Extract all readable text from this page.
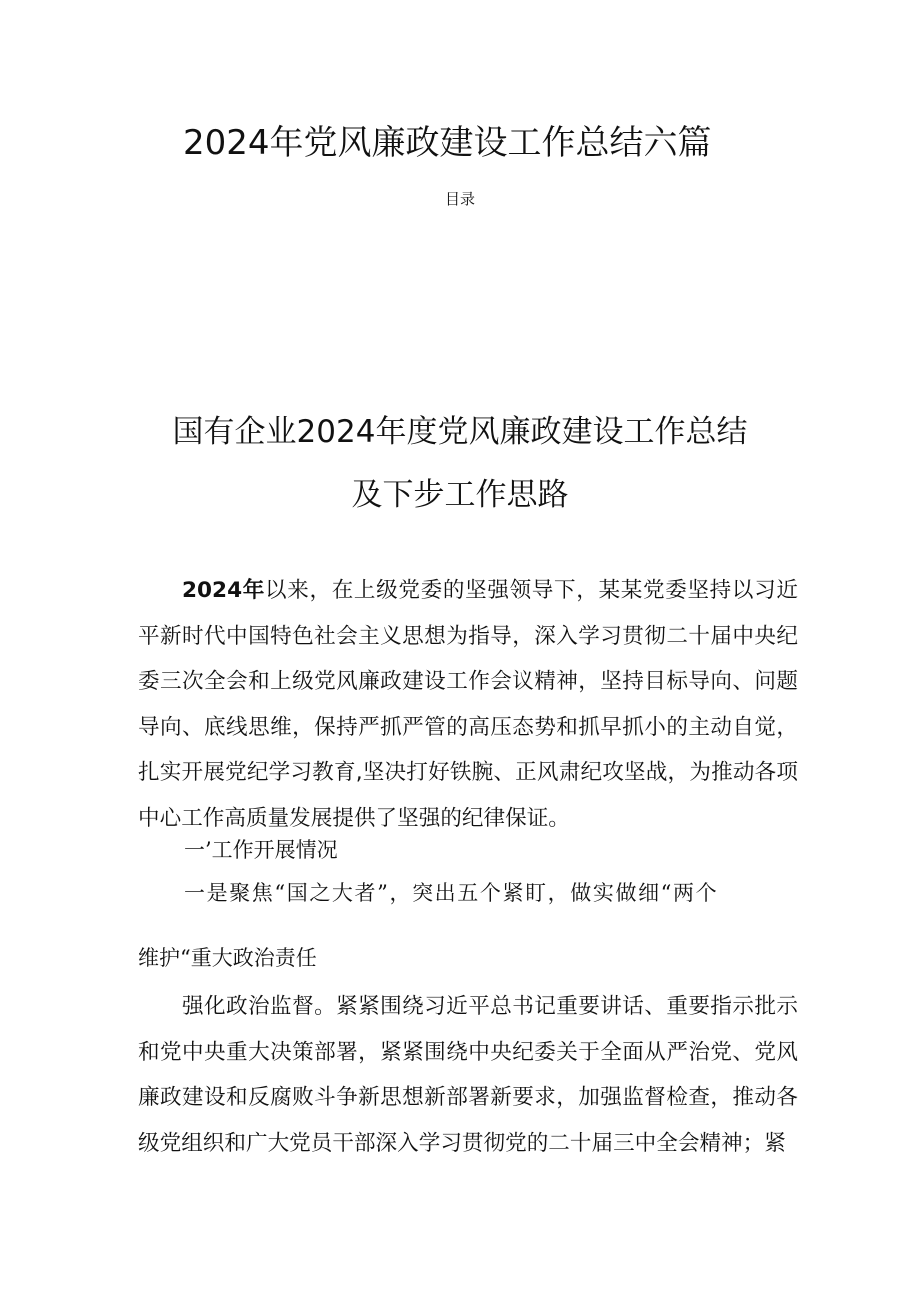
2024年党风廉政建设工作总结六篇
目录
国有企业2024年度党风廉政建设工作总结
及下步工作思路

2024年以来，在上级党委的坚强领导下，某某党委坚持以习近平新时代中国特色社会主义思想为指导，深入学习贯彻二十届中央纪委三次全会和上级党风廉政建设工作会议精神，坚持目标导向、问题导向、底线思维，保持严抓严管的高压态势和抓早抓小的主动自觉，扎实开展党纪学习教育,坚决打好铁腕、正风肃纪攻坚战，为推动各项中心工作高质量发展提供了坚强的纪律保证。

一’工作开展情况

一是聚焦“国之大者”，突出五个紧盯，做实做细“两个

维护“重大政治责任

强化政治监督。紧紧围绕习近平总书记重要讲话、重要指示批示和党中央重大决策部署，紧紧围绕中央纪委关于全面从严治党、党风廉政建设和反腐败斗争新思想新部署新要求，加强监督检查，推动各级党组织和广大党员干部深入学习贯彻党的二十届三中全会精神；紧
